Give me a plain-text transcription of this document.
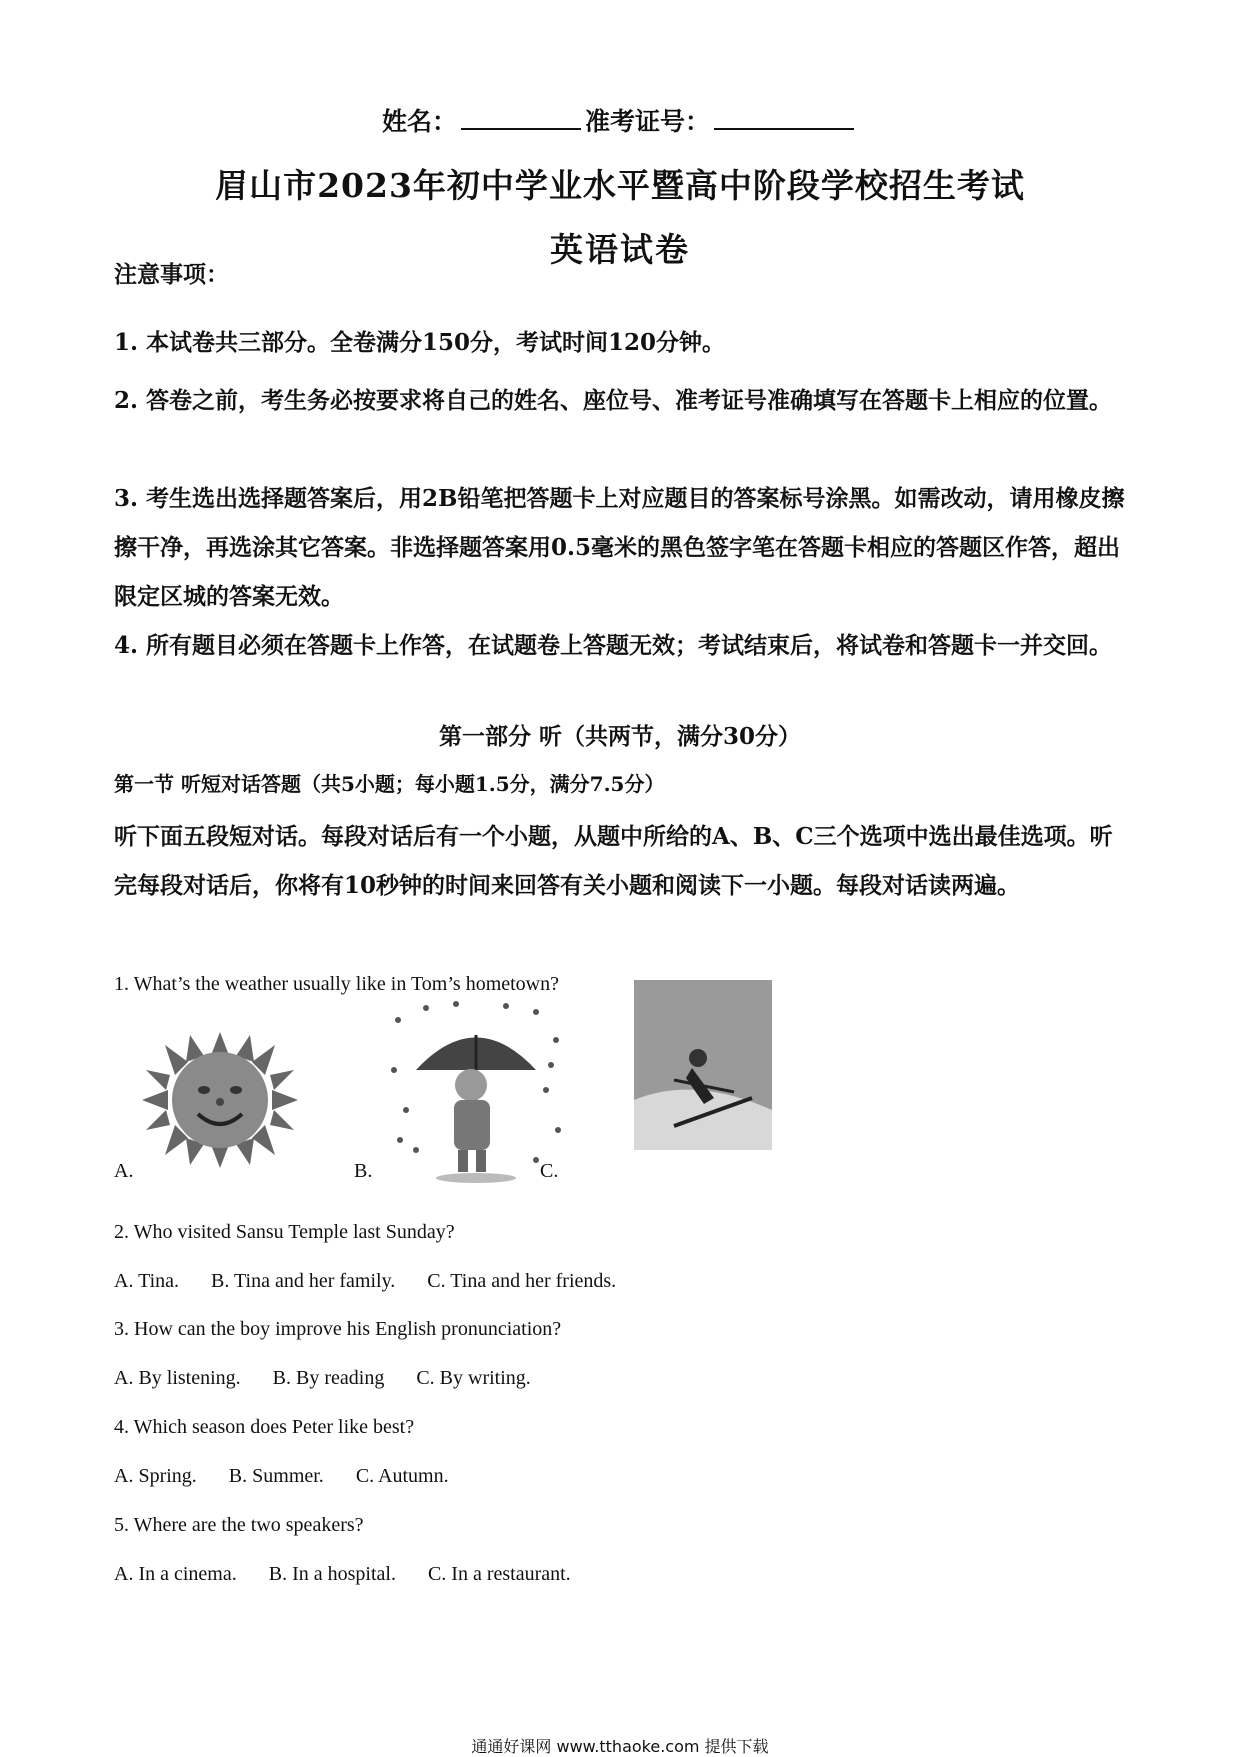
姓名：	准考证号：
眉山市2023年初中学业水平暨高中阶段学校招生考试
英语试卷
注意事项：
1. 本试卷共三部分。全卷满分150分，考试时间120分钟。
2. 答卷之前，考生务必按要求将自己的姓名、座位号、准考证号准确填写在答题卡上相应的位置。
3. 考生选出选择题答案后，用2B铅笔把答题卡上对应题目的答案标号涂黑。如需改动，请用橡皮擦擦干净，再选涂其它答案。非选择题答案用0.5毫米的黑色签字笔在答题卡相应的答题区作答，超出限定区城的答案无效。
4. 所有题目必须在答题卡上作答，在试题卷上答题无效；考试结束后，将试卷和答题卡一并交回。
第一部分 听（共两节，满分30分）
第一节 听短对话答题（共5小题；每小题1.5分，满分7.5分）
听下面五段短对话。每段对话后有一个小题，从题中所给的A、B、C三个选项中选出最佳选项。听完每段对话后，你将有10秒钟的时间来回答有关小题和阅读下一小题。每段对话读两遍。
1. What’s the weather usually like in Tom’s hometown?
A.	B.	C.
2. Who visited Sansu Temple last Sunday?
A. Tina. B. Tina and her family. C. Tina and her friends.
3. How can the boy improve his English pronunciation?
A. By listening. B. By reading C. By writing.
4. Which season does Peter like best?
A. Spring. B. Summer. C. Autumn.
5. Where are the two speakers?
A. In a cinema. B. In a hospital. C. In a restaurant.
通通好课网 www.tthaoke.com 提供下载
